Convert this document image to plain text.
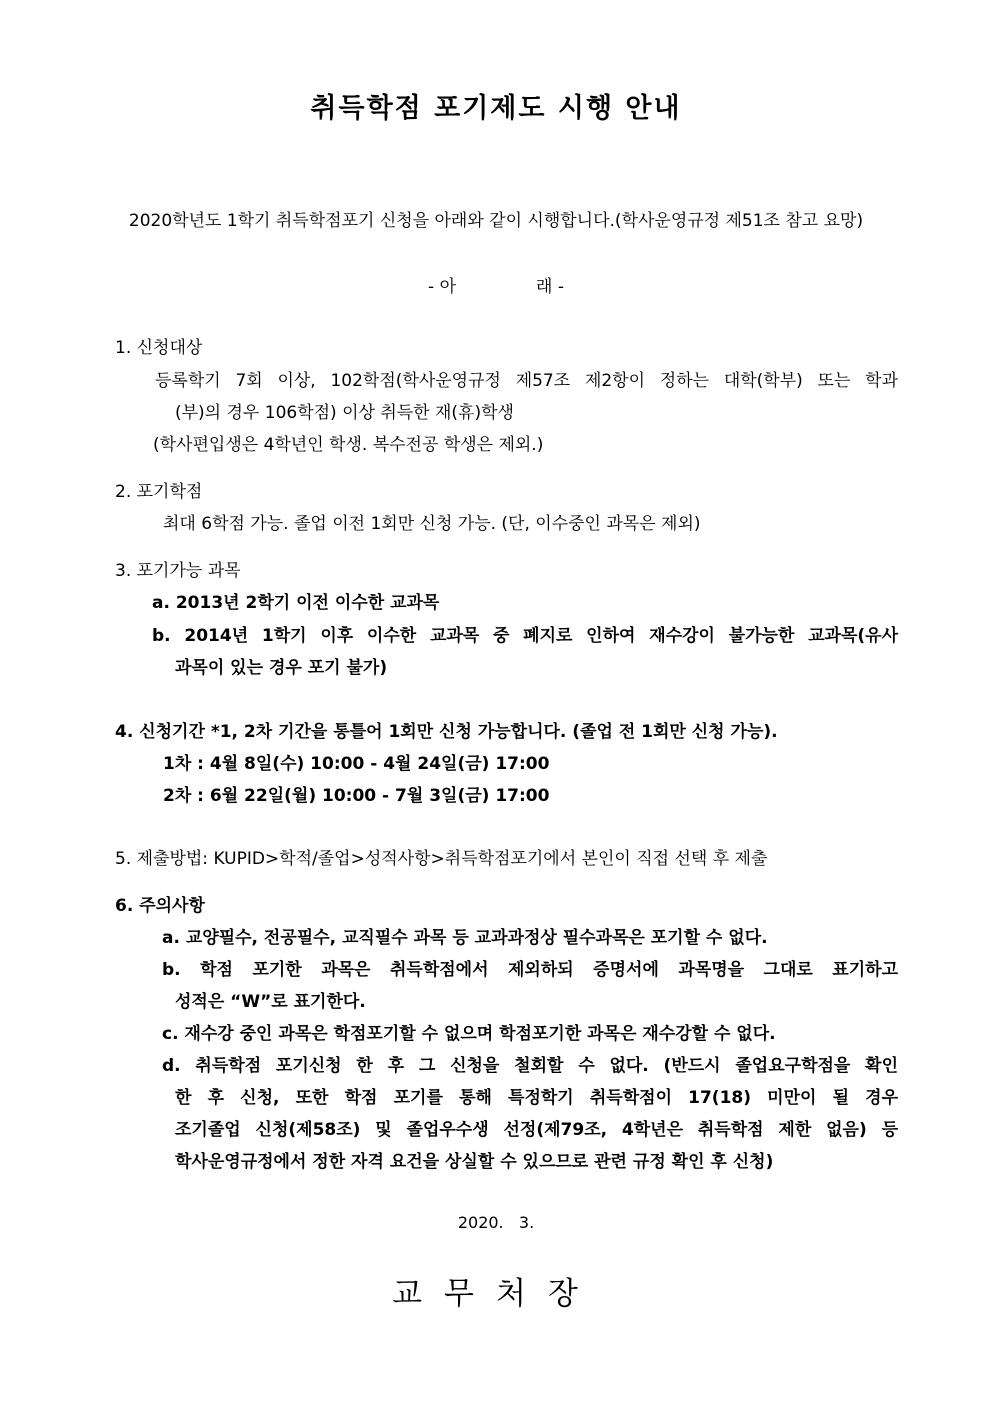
취득학점 포기제도 시행 안내
2020학년도 1학기 취득학점포기 신청을 아래와 같이 시행합니다.(학사운영규정 제51조 참고 요망)
- 아	래 -
1. 신청대상
등록학기 7회 이상, 102학점(학사운영규정 제57조 제2항이 정하는 대학(학부) 또는 학과
(부)의 경우 106학점) 이상 취득한 재(휴)학생
(학사편입생은 4학년인 학생. 복수전공 학생은 제외.)
2. 포기학점
최대 6학점 가능. 졸업 이전 1회만 신청 가능. (단, 이수중인 과목은 제외)
3. 포기가능 과목
a. 2013년 2학기 이전 이수한 교과목
b. 2014년 1학기 이후 이수한 교과목 중 폐지로 인하여 재수강이 불가능한 교과목(유사
과목이 있는 경우 포기 불가)
4. 신청기간 *1, 2차 기간을 통틀어 1회만 신청 가능합니다. (졸업 전 1회만 신청 가능).
1차 : 4월 8일(수) 10:00 - 4월 24일(금) 17:00
2차 : 6월 22일(월) 10:00 - 7월 3일(금) 17:00
5. 제출방법: KUPID>학적/졸업>성적사항>취득학점포기에서 본인이 직접 선택 후 제출
6. 주의사항
a. 교양필수, 전공필수, 교직필수 과목 등 교과과정상 필수과목은 포기할 수 없다.
b. 학점 포기한 과목은 취득학점에서 제외하되 증명서에 과목명을 그대로 표기하고
성적은 “W”로 표기한다.
c. 재수강 중인 과목은 학점포기할 수 없으며 학점포기한 과목은 재수강할 수 없다.
d. 취득학점 포기신청 한 후 그 신청을 철회할 수 없다. (반드시 졸업요구학점을 확인
한 후 신청, 또한 학점 포기를 통해 특정학기 취득학점이 17(18) 미만이 될 경우
조기졸업 신청(제58조) 및 졸업우수생 선정(제79조, 4학년은 취득학점 제한 없음) 등
학사운영규정에서 정한 자격 요건을 상실할 수 있으므로 관련 규정 확인 후 신청)
2020.   3.
교무처장
